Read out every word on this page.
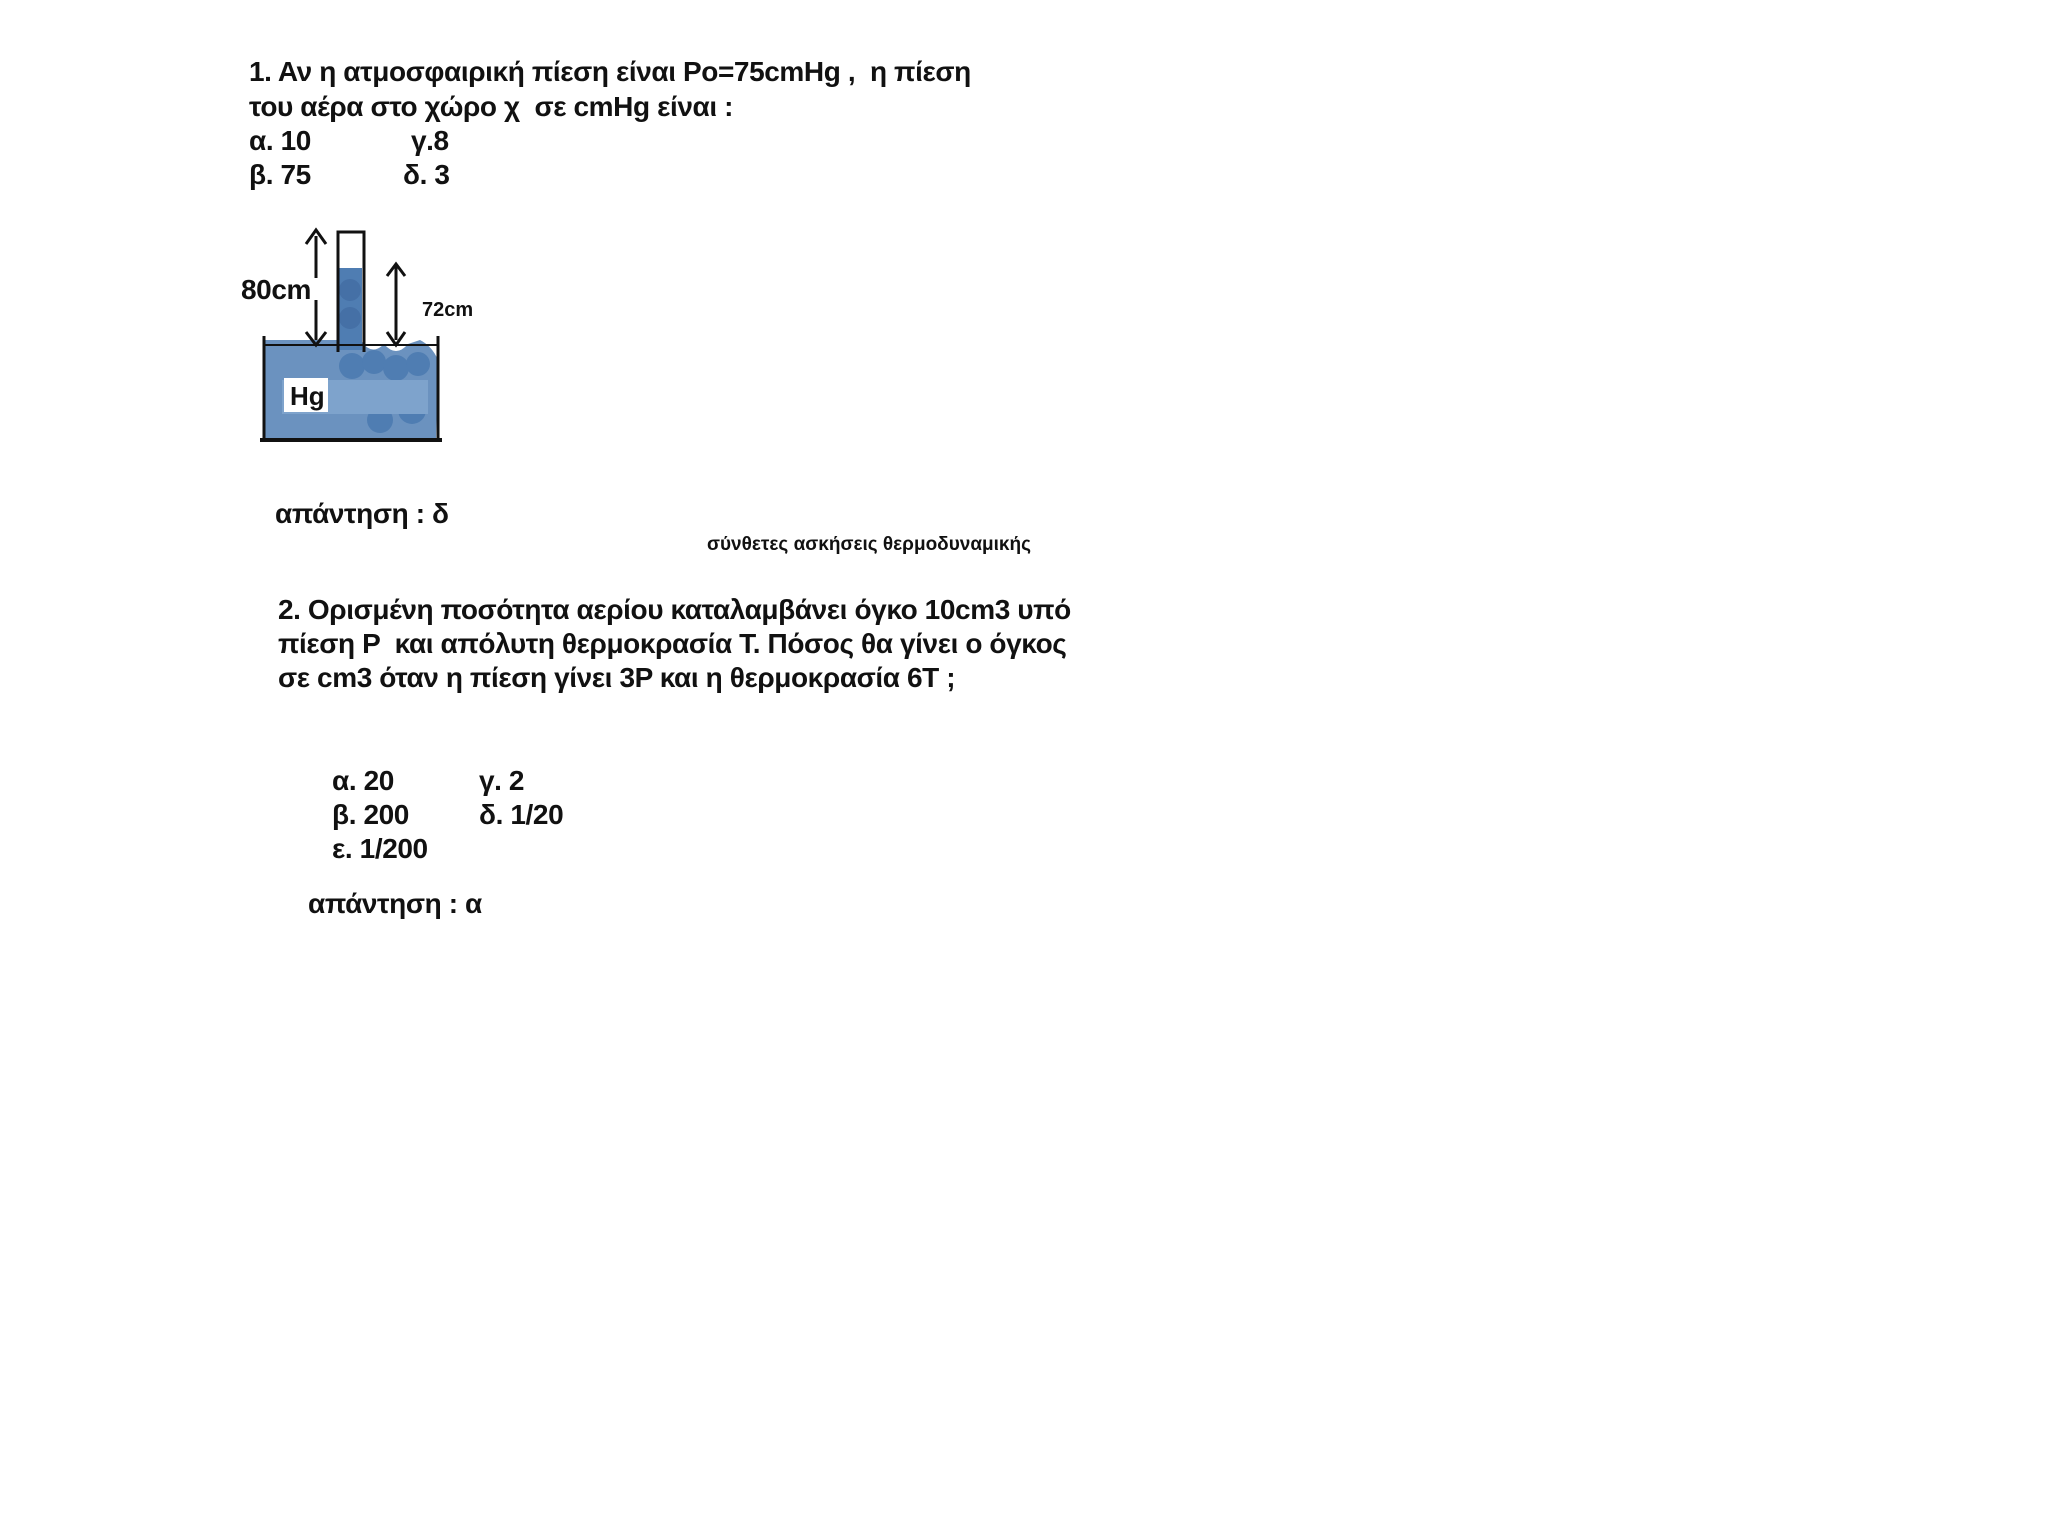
1. Αν η ατμοσφαιρική πίεση είναι Po=75cmHg ,  η πίεση
του αέρα στο χώρο χ  σε cmHg είναι :
α. 10	γ.8
β. 75	δ. 3
80cm
72cm
Hg
απάντηση : δ
σύνθετες ασκήσεις θερμοδυναμικής
2. Ορισμένη ποσότητα αερίου καταλαμβάνει όγκο 10cm3 υπό
πίεση P  και απόλυτη θερμοκρασία T. Πόσος θα γίνει ο όγκος
σε cm3 όταν η πίεση γίνει 3P και η θερμοκρασία 6T ;
α. 20	γ. 2
β. 200	δ. 1/20
ε. 1/200
απάντηση : α
